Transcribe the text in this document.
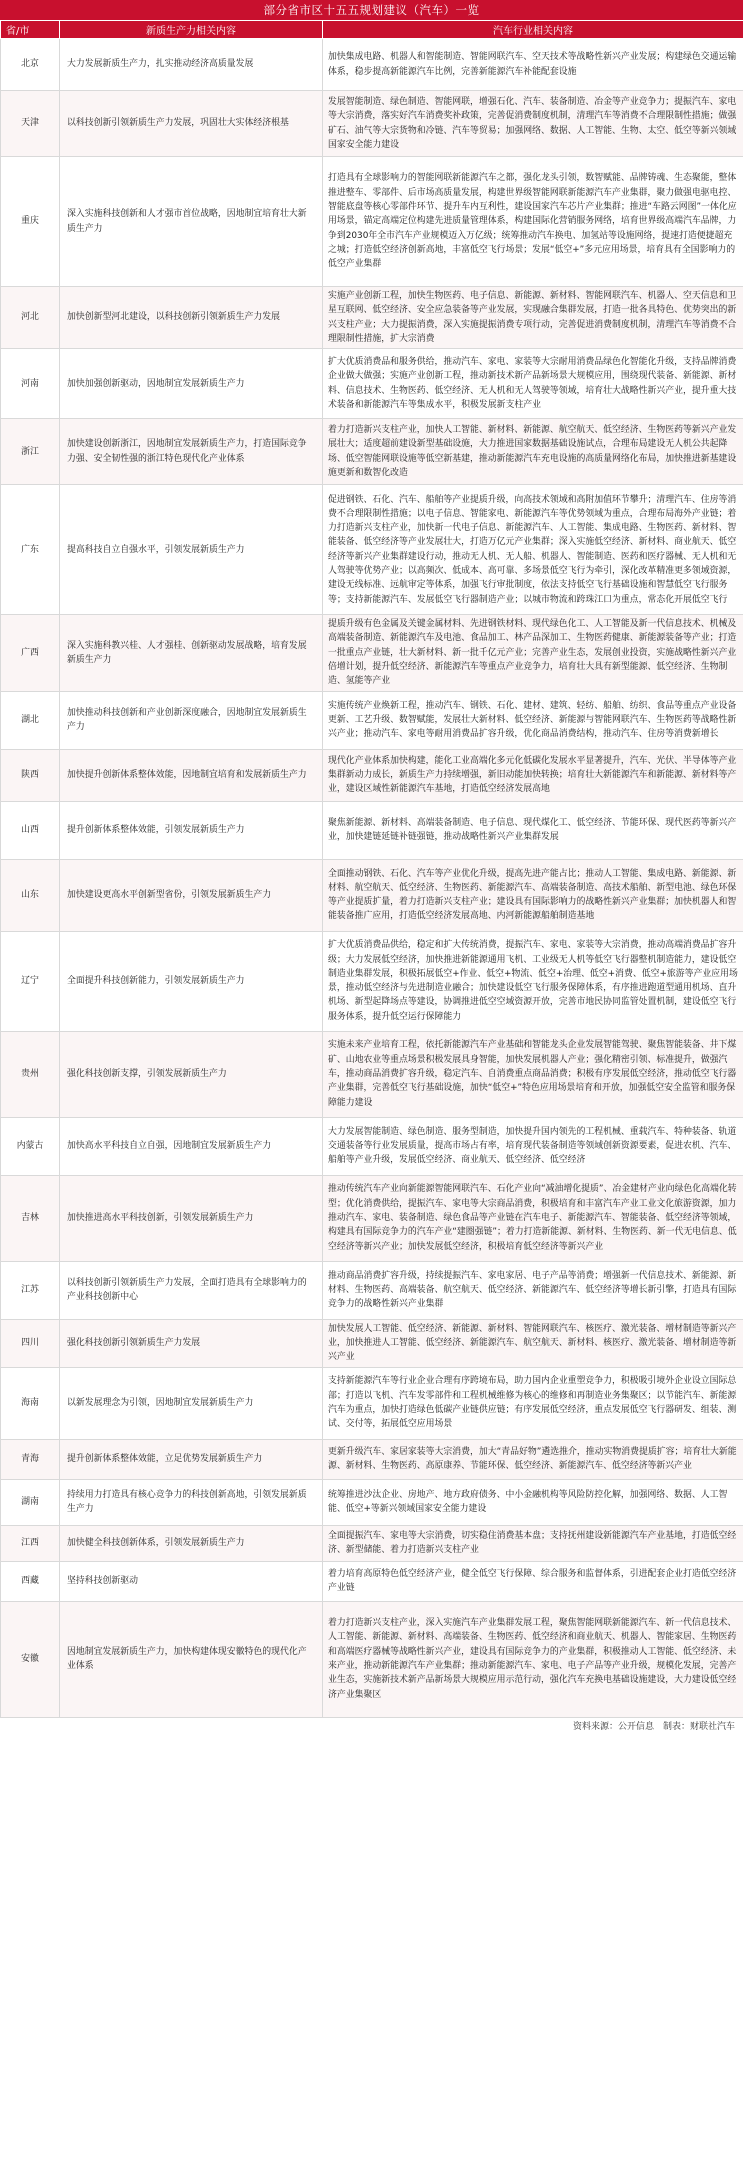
部分省市区十五五规划建议（汽车）一览
省/市	新质生产力相关内容	汽车行业相关内容
北京	大力发展新质生产力，扎实推动经济高质量发展	加快集成电路、机器人和智能制造、智能网联汽车、空天技术等战略性新兴产业发展；构建绿色交通运输体系，稳步提高新能源汽车比例，完善新能源汽车补能配套设施
天津	以科技创新引领新质生产力发展，巩固壮大实体经济根基	发展智能制造、绿色制造、智能网联，增强石化、汽车、装备制造、冶金等产业竞争力；提振汽车、家电等大宗消费，落实好汽车消费奖补政策，完善促消费制度机制，清理汽车等消费不合理限制性措施；做强矿石、油气等大宗货物和冷链、汽车等贸易；加强网络、数据、人工智能、生物、太空、低空等新兴领域国家安全能力建设
重庆	深入实施科技创新和人才强市首位战略，因地制宜培育壮大新质生产力	打造具有全球影响力的智能网联新能源汽车之都，强化龙头引领，数智赋能、品牌铸魂、生态聚能，整体推进整车、零部件、后市场高质量发展，构建世界级智能网联新能源汽车产业集群，聚力做强电驱电控、智能底盘等核心零部件环节、提升车内互利性，建设国家汽车芯片产业集群；推进“车路云网图”一体化应用场景，锚定高端定位构建先进质量管理体系，构建国际化营销服务网络，培育世界级高端汽车品牌，力争到2030年全市汽车产业规模迈入万亿级；统筹推动汽车换电、加氢站等设施网络，提速打造便捷超充之城；打造低空经济创新高地，丰富低空飞行场景；发展“低空+”多元应用场景，培育具有全国影响力的低空产业集群
河北	加快创新型河北建设，以科技创新引领新质生产力发展	实施产业创新工程，加快生物医药、电子信息、新能源、新材料、智能网联汽车、机器人、空天信息和卫星互联网、低空经济、安全应急装备等产业发展，实现融合集群发展，打造一批各具特色、优势突出的新兴支柱产业；大力提振消费，深入实施提振消费专项行动，完善促进消费制度机制，清理汽车等消费不合理限制性措施，扩大宗消费
河南	加快加强创新驱动，因地制宜发展新质生产力	扩大优质消费品和服务供给，推动汽车、家电、家装等大宗耐用消费品绿色化智能化升级，支持品牌消费企业做大做强；实施产业创新工程，推动新技术新产品新场景大规模应用，围绕现代装备、新能源、新材料、信息技术、生物医药、低空经济、无人机和无人驾驶等领域，培育壮大战略性新兴产业，提升重大技术装备和新能源汽车等集成水平，积极发展新支柱产业
浙江	加快建设创新浙江，因地制宜发展新质生产力，打造国际竞争力强、安全韧性强的浙江特色现代化产业体系	着力打造新兴支柱产业，加快人工智能、新材料、新能源、航空航天、低空经济、生物医药等新兴产业发展壮大；适度超前建设新型基础设施，大力推进国家数据基础设施试点，合理布局建设无人机公共起降场、低空智能网联设施等低空新基建，推动新能源汽车充电设施的高质量网络化布局，加快推进新基建设施更新和数智化改造
广东	提高科技自立自强水平，引领发展新质生产力	促进钢铁、石化、汽车、船舶等产业提质升级，向高技术领域和高附加值环节攀升；清理汽车、住房等消费不合理限制性措施；以电子信息、智能家电、新能源汽车等优势领域为重点，合理布局海外产业链；着力打造新兴支柱产业，加快新一代电子信息、新能源汽车、人工智能、集成电路、生物医药、新材料、智能装备、低空经济等产业发展壮大，打造万亿元产业集群；深入实施低空经济、新材料、商业航天、低空经济等新兴产业集群建设行动，推动无人机、无人船、机器人、智能制造、医药和医疗器械、无人机和无人驾驶等优势产业；以高频次、低成本、高可靠、多场景低空飞行为牵引，深化改革精准更多领域资源，建设无线标准、远航审定等体系，加强飞行审批制度，依法支持低空飞行基础设施和智慧低空飞行服务等；支持新能源汽车、发展低空飞行器制造产业；以城市物流和跨珠江口为重点，常态化开展低空飞行
广西	深入实施科教兴桂、人才强桂、创新驱动发展战略，培育发展新质生产力	提质升级有色金属及关键金属材料、先进钢铁材料、现代绿色化工、人工智能及新一代信息技术、机械及高端装备制造、新能源汽车及电池、食品加工、林产品深加工、生物医药健康、新能源装备等产业；打造一批重点产业链，壮大新材料、新一批千亿元产业；完善产业生态，发展创业投资，实施战略性新兴产业倍增计划，提升低空经济、新能源汽车等重点产业竞争力，培育壮大具有新型能源、低空经济、生物制造、氢能等产业
湖北	加快推动科技创新和产业创新深度融合，因地制宜发展新质生产力	实施传统产业焕新工程，推动汽车、钢铁、石化、建材、建筑、轻纺、船舶、纺织、食品等重点产业设备更新、工艺升级、数智赋能，发展壮大新材料、低空经济、新能源与智能网联汽车、生物医药等战略性新兴产业；推动汽车、家电等耐用消费品扩容升级，优化商品消费结构，推动汽车、住房等消费新增长
陕西	加快提升创新体系整体效能，因地制宜培育和发展新质生产力	现代化产业体系加快构建，能化工业高端化多元化低碳化发展水平显著提升，汽车、光伏、半导体等产业集群新动力成长，新质生产力持续增强，新旧动能加快转换；培育壮大新能源汽车和新能源、新材料等产业，建设区域性新能源汽车基地，打造低空经济发展高地
山西	提升创新体系整体效能，引领发展新质生产力	聚焦新能源、新材料、高端装备制造、电子信息、现代煤化工、低空经济、节能环保、现代医药等新兴产业，加快建链延链补链强链，推动战略性新兴产业集群发展
山东	加快建设更高水平创新型省份，引领发展新质生产力	全面推动钢铁、石化、汽车等产业优化升级，提高先进产能占比；推动人工智能、集成电路、新能源、新材料、航空航天、低空经济、生物医药、新能源汽车、高端装备制造、高技术船舶、新型电池、绿色环保等产业提质扩量，着力打造新兴支柱产业；建设具有国际影响力的战略性新兴产业集群；加快机器人和智能装备推广应用，打造低空经济发展高地、内河新能源船舶制造基地
辽宁	全面提升科技创新能力，引领发展新质生产力	扩大优质消费品供给，稳定和扩大传统消费，提振汽车、家电、家装等大宗消费，推动高端消费品扩容升级；大力发展低空经济，加快推进新能源通用飞机、工业级无人机等低空飞行器整机制造能力，建设低空制造业集群发展，积极拓展低空+作业、低空+物流、低空+治理、低空+消费、低空+旅游等产业应用场景，推动低空经济与先进制造业融合；加快建设低空飞行服务保障体系，有序推进跑道型通用机场、直升机场、新型起降场点等建设，协调推进低空空域资源开放，完善市地民协同监管处置机制，建设低空飞行服务体系，提升低空运行保障能力
贵州	强化科技创新支撑，引领发展新质生产力	实施未来产业培育工程，依托新能源汽车产业基础和智能龙头企业发展智能驾驶、聚焦智能装备、井下煤矿、山地农业等重点场景积极发展具身智能，加快发展机器人产业；强化精密引领、标准提升，做强汽车，推动商品消费扩容升级，稳定汽车、自消费重点商品消费；积极有序发展低空经济，推动低空飞行器产业集群，完善低空飞行基础设施，加快“低空+”特色应用场景培育和开放，加强低空安全监管和服务保障能力建设
内蒙古	加快高水平科技自立自强，因地制宜发展新质生产力	大力发展智能制造、绿色制造、服务型制造，加快提升国内领先的工程机械、重载汽车、特种装备、轨道交通装备等行业发展质量，提高市场占有率，培育现代装备制造等领域创新资源要素，促进农机、汽车、船舶等产业升级，发展低空经济、商业航天、低空经济、低空经济
吉林	加快推进高水平科技创新，引领发展新质生产力	推动传统汽车产业向新能源智能网联汽车、石化产业向“减油增化提质”、冶金建材产业向绿色化高端化转型；优化消费供给，提振汽车、家电等大宗商品消费，积极培育和丰富汽车产业工业文化旅游资源，加力推动汽车、家电、装备制造、绿色食品等产业链在汽车电子、新能源汽车、智能装备、低空经济等领域，构建具有国际竞争力的汽车产业“建圈强链”；着力打造新能源、新材料、生物医药、新一代无电信息、低空经济等新兴产业；加快发展低空经济，积极培育低空经济等新兴产业
江苏	以科技创新引领新质生产力发展，全面打造具有全球影响力的产业科技创新中心	推动商品消费扩容升级，持续提振汽车、家电家居、电子产品等消费；增强新一代信息技术、新能源、新材料、生物医药、高端装备、航空航天、低空经济、新能源汽车、低空经济等增长新引擎，打造具有国际竞争力的战略性新兴产业集群
四川	强化科技创新引领新质生产力发展	加快发展人工智能、低空经济、新能源、新材料、智能网联汽车、核医疗、激光装备、增材制造等新兴产业，加快推进人工智能、低空经济、新能源汽车、航空航天、新材料、核医疗、激光装备、增材制造等新兴产业
海南	以新发展理念为引领，因地制宜发展新质生产力	支持新能源汽车等行业企业合理有序跨境布局，助力国内企业重塑竞争力，积极吸引境外企业设立国际总部；打造以飞机、汽车发零部件和工程机械维修为核心的维修和再制造业务集聚区；以节能汽车、新能源汽车为重点，加快打造绿色低碳产业链供应链；有序发展低空经济，重点发展低空飞行器研发、组装、测试、交付等，拓展低空应用场景
青海	提升创新体系整体效能，立足优势发展新质生产力	更新升级汽车、家居家装等大宗消费，加大“青品好物”遴选推介，推动实物消费提质扩容；培育壮大新能源、新材料、生物医药、高原康养、节能环保、低空经济、新能源汽车、低空经济等新兴产业
湖南	持续用力打造具有核心竞争力的科技创新高地，引领发展新质生产力	统筹推进沙汰企业、房地产、地方政府债务、中小金融机构等风险防控化解，加强网络、数据、人工智能、低空+等新兴领域国家安全能力建设
江西	加快健全科技创新体系，引领发展新质生产力	全面提振汽车、家电等大宗消费，切实稳住消费基本盘；支持抚州建设新能源汽车产业基地，打造低空经济、新型储能、着力打造新兴支柱产业
西藏	坚持科技创新驱动	着力培育高原特色低空经济产业，健全低空飞行保障、综合服务和监督体系，引进配套企业打造低空经济产业链
安徽	因地制宜发展新质生产力，加快构建体现安徽特色的现代化产业体系	着力打造新兴支柱产业，深入实施汽车产业集群发展工程，聚焦智能网联新能源汽车、新一代信息技术、人工智能、新能源、新材料、高端装备、生物医药、低空经济和商业航天、机器人、智能家居、生物医药和高端医疗器械等战略性新兴产业，建设具有国际竞争力的产业集群，积极推动人工智能、低空经济、未来产业，推动新能源汽车产业集群；推动新能源汽车、家电、电子产品等产业升级，规模化发展，完善产业生态，实施新技术新产品新场景大规模应用示范行动，强化汽车充换电基础设施建设，大力建设低空经济产业集聚区
资料来源：公开信息　制表：财联社汽车
